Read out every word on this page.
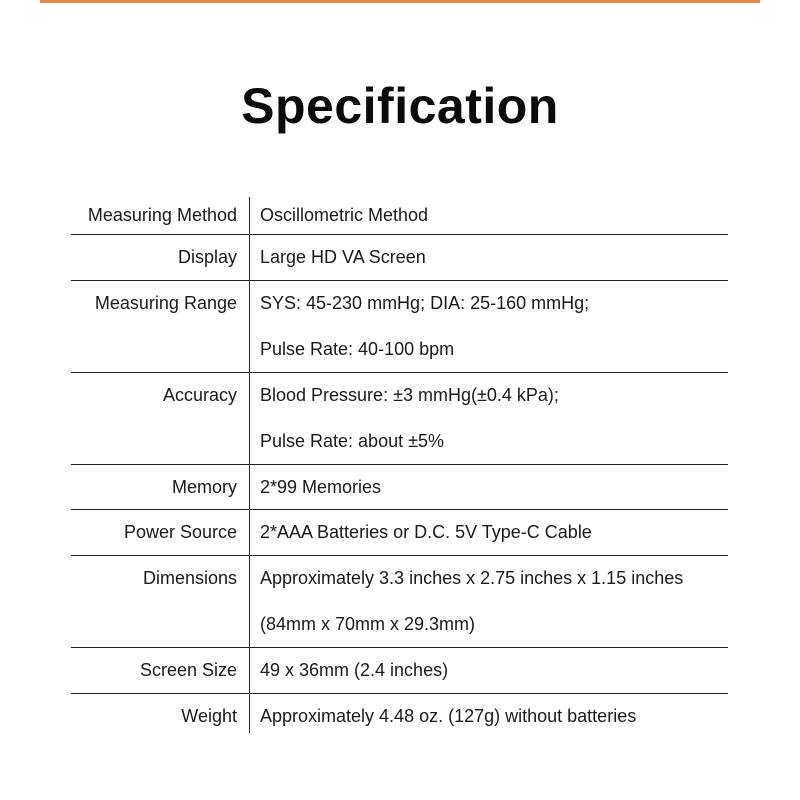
Specification
Measuring Method Oscillometric Method
Display Large HD VA Screen
Measuring Range SYS: 45-230 mmHg; DIA: 25-160 mmHg;
Pulse Rate: 40-100 bpm
Accuracy Blood Pressure: ±3 mmHg(±0.4 kPa);
Pulse Rate: about ±5%
Memory 2*99 Memories
Power Source 2*AAA Batteries or D.C. 5V Type-C Cable
Dimensions Approximately 3.3 inches x 2.75 inches x 1.15 inches
(84mm x 70mm x 29.3mm)
Screen Size 49 x 36mm (2.4 inches)
Weight Approximately 4.48 oz. (127g) without batteries
